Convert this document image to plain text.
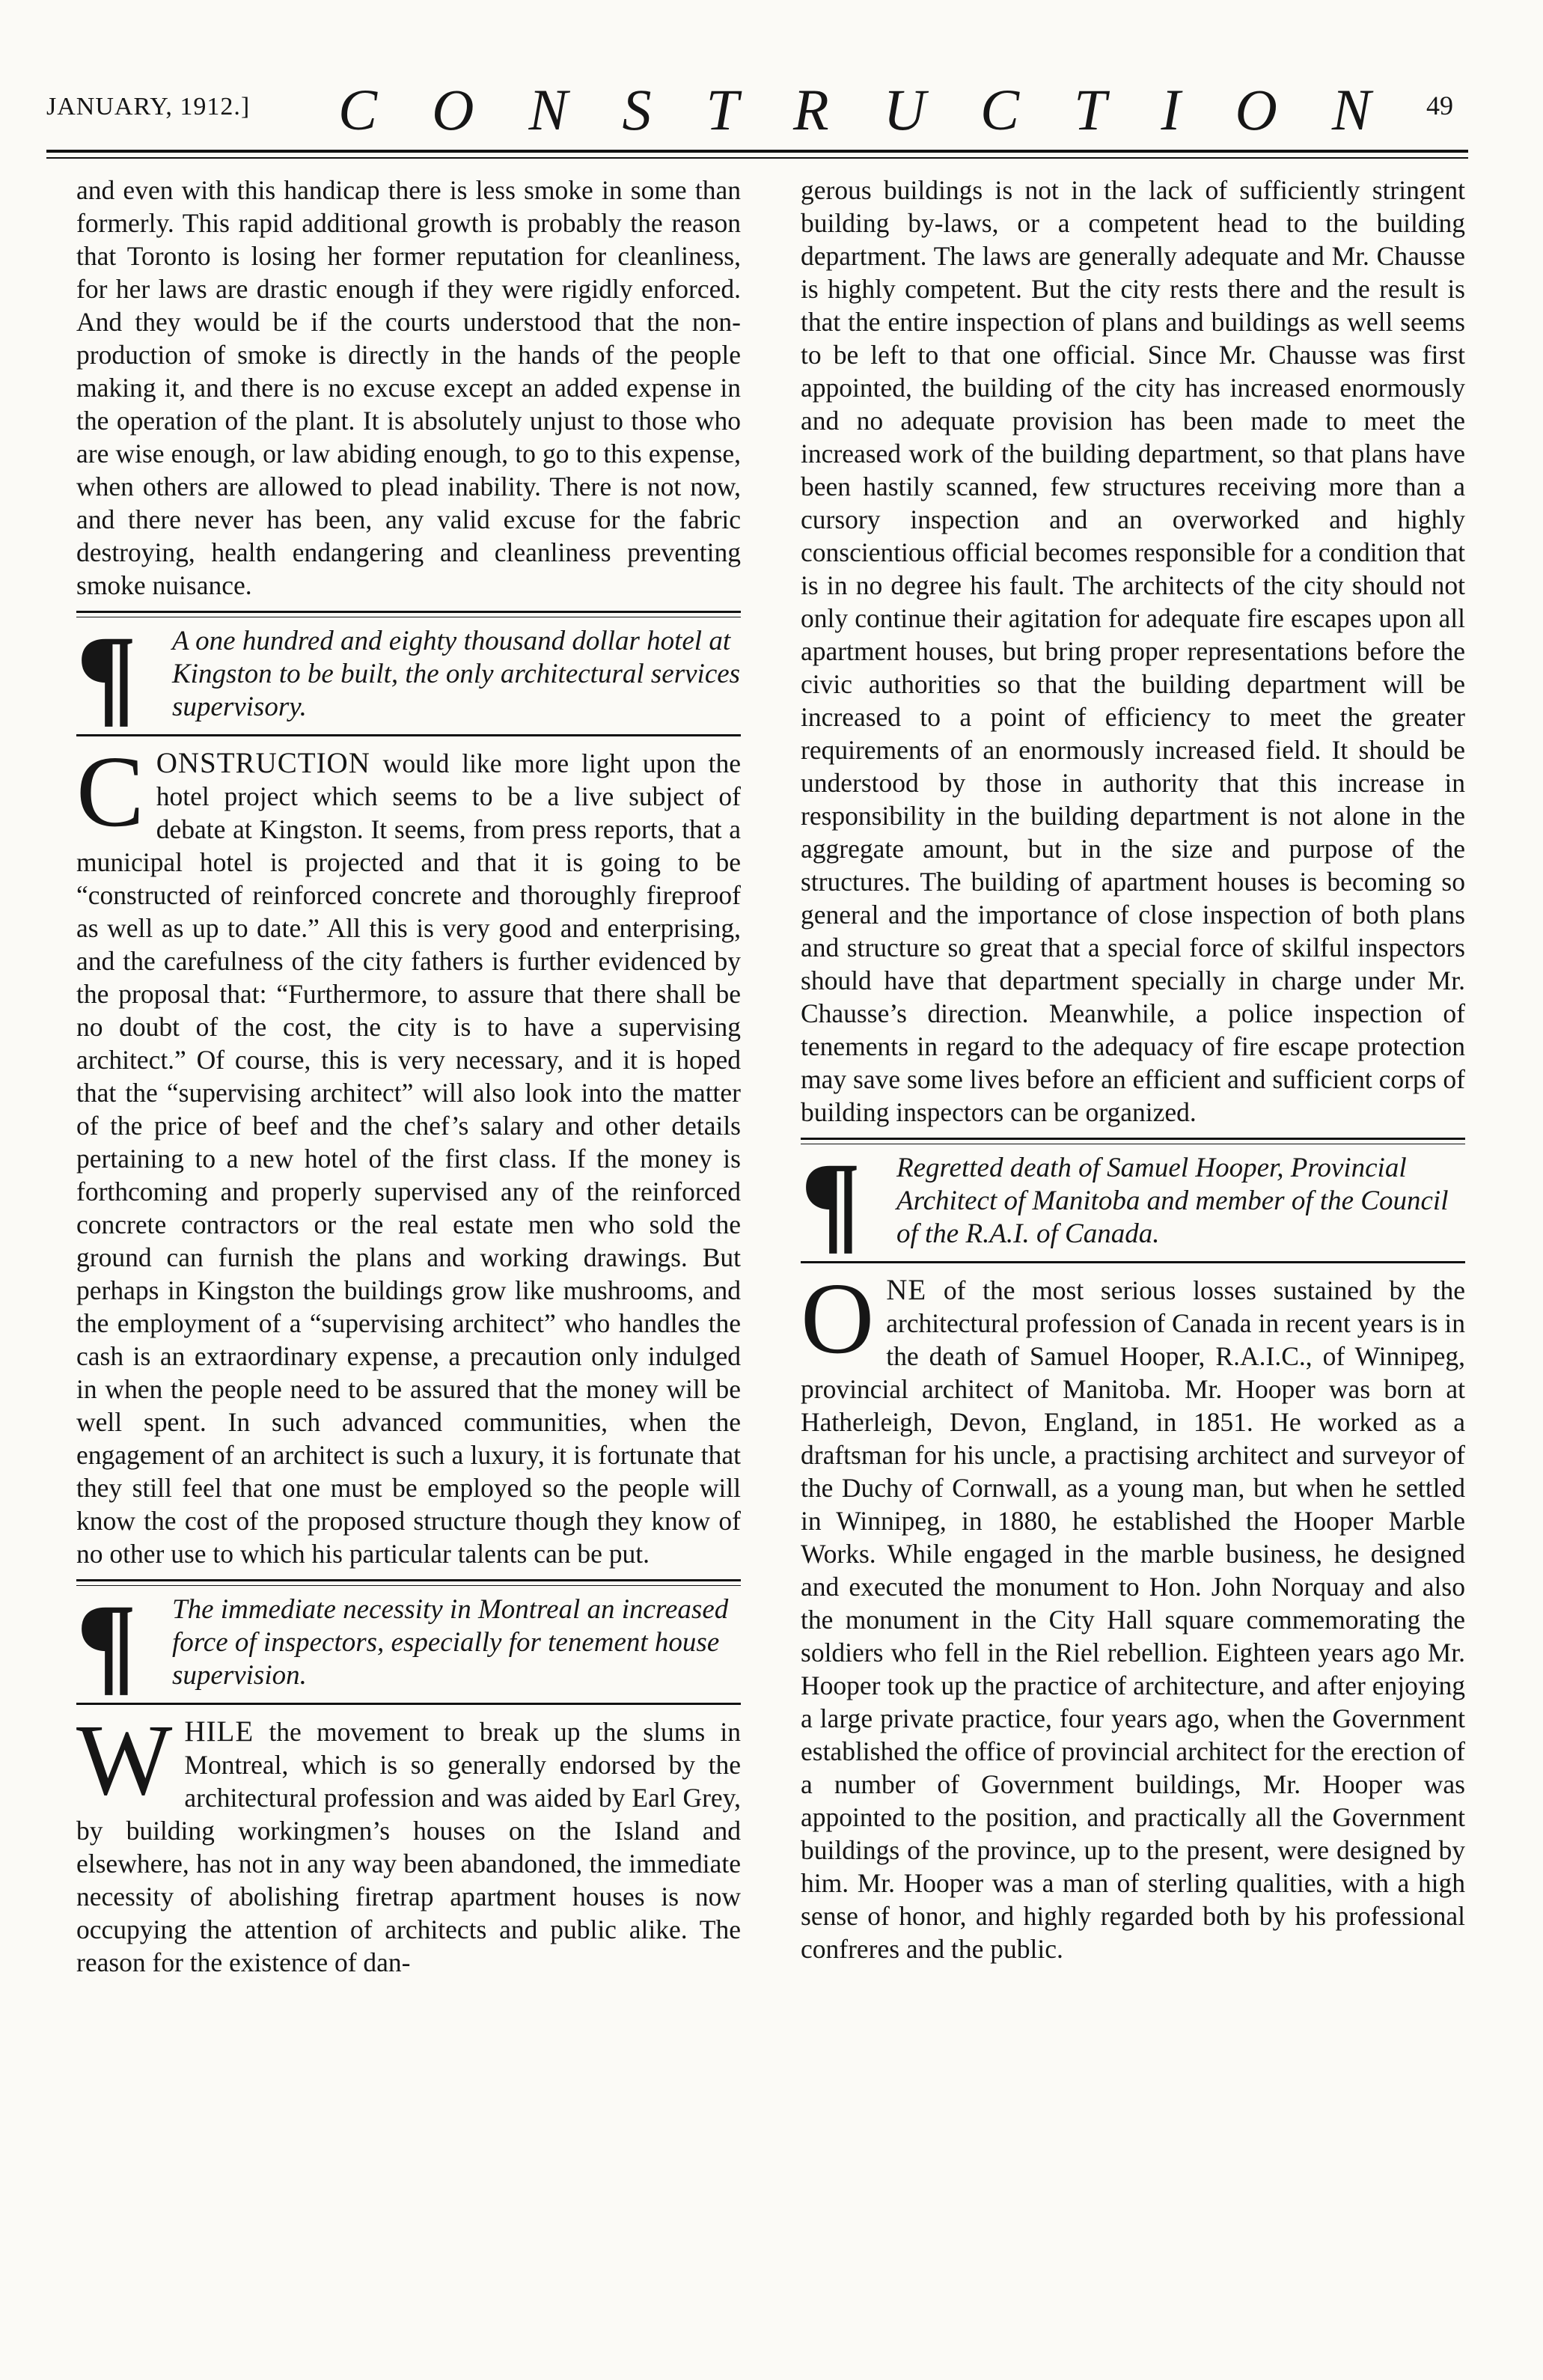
JANUARY, 1912.] C O N S T R U C T I O N 49

and even with this handicap there is less smoke in some than formerly. This rapid additional growth is probably the reason that Toronto is losing her former reputation for cleanliness, for her laws are drastic enough if they were rigidly enforced. And they would be if the courts understood that the non-production of smoke is directly in the hands of the people making it, and there is no excuse except an added expense in the operation of the plant. It is absolutely unjust to those who are wise enough, or law abiding enough, to go to this expense, when others are allowed to plead inability. There is not now, and there never has been, any valid excuse for the fabric destroying, health endangering and cleanliness preventing smoke nuisance.

¶ A one hundred and eighty thousand dollar hotel at Kingston to be built, the only architectural services supervisory.

CONSTRUCTION would like more light upon the hotel project which seems to be a live subject of debate at Kingston. It seems, from press reports, that a municipal hotel is projected and that it is going to be “constructed of reinforced concrete and thoroughly fireproof as well as up to date.” All this is very good and enterprising, and the carefulness of the city fathers is further evidenced by the proposal that: “Furthermore, to assure that there shall be no doubt of the cost, the city is to have a supervising architect.” Of course, this is very necessary, and it is hoped that the “supervising architect” will also look into the matter of the price of beef and the chef’s salary and other details pertaining to a new hotel of the first class. If the money is forthcoming and properly supervised any of the reinforced concrete contractors or the real estate men who sold the ground can furnish the plans and working drawings. But perhaps in Kingston the buildings grow like mushrooms, and the employment of a “supervising architect” who handles the cash is an extraordinary expense, a precaution only indulged in when the people need to be assured that the money will be well spent. In such advanced communities, when the engagement of an architect is such a luxury, it is fortunate that they still feel that one must be employed so the people will know the cost of the proposed structure though they know of no other use to which his particular talents can be put.

¶ The immediate necessity in Montreal an increased force of inspectors, especially for tenement house supervision.

WHILE the movement to break up the slums in Montreal, which is so generally endorsed by the architectural profession and was aided by Earl Grey, by building workingmen’s houses on the Island and elsewhere, has not in any way been abandoned, the immediate necessity of abolishing firetrap apartment houses is now occupying the attention of architects and public alike. The reason for the existence of dan-

gerous buildings is not in the lack of sufficiently stringent building by-laws, or a competent head to the building department. The laws are generally adequate and Mr. Chausse is highly competent. But the city rests there and the result is that the entire inspection of plans and buildings as well seems to be left to that one official. Since Mr. Chausse was first appointed, the building of the city has increased enormously and no adequate provision has been made to meet the increased work of the building department, so that plans have been hastily scanned, few structures receiving more than a cursory inspection and an overworked and highly conscientious official becomes responsible for a condition that is in no degree his fault. The architects of the city should not only continue their agitation for adequate fire escapes upon all apartment houses, but bring proper representations before the civic authorities so that the building department will be increased to a point of efficiency to meet the greater requirements of an enormously increased field. It should be understood by those in authority that this increase in responsibility in the building department is not alone in the aggregate amount, but in the size and purpose of the structures. The building of apartment houses is becoming so general and the importance of close inspection of both plans and structure so great that a special force of skilful inspectors should have that department specially in charge under Mr. Chausse’s direction. Meanwhile, a police inspection of tenements in regard to the adequacy of fire escape protection may save some lives before an efficient and sufficient corps of building inspectors can be organized.

¶ Regretted death of Samuel Hooper, Provincial Architect of Manitoba and member of the Council of the R.A.I. of Canada.

ONE of the most serious losses sustained by the architectural profession of Canada in recent years is in the death of Samuel Hooper, R.A.I.C., of Winnipeg, provincial architect of Manitoba. Mr. Hooper was born at Hatherleigh, Devon, England, in 1851. He worked as a draftsman for his uncle, a practising architect and surveyor of the Duchy of Cornwall, as a young man, but when he settled in Winnipeg, in 1880, he established the Hooper Marble Works. While engaged in the marble business, he designed and executed the monument to Hon. John Norquay and also the monument in the City Hall square commemorating the soldiers who fell in the Riel rebellion. Eighteen years ago Mr. Hooper took up the practice of architecture, and after enjoying a large private practice, four years ago, when the Government established the office of provincial architect for the erection of a number of Government buildings, Mr. Hooper was appointed to the position, and practically all the Government buildings of the province, up to the present, were designed by him. Mr. Hooper was a man of sterling qualities, with a high sense of honor, and highly regarded both by his professional confreres and the public.
